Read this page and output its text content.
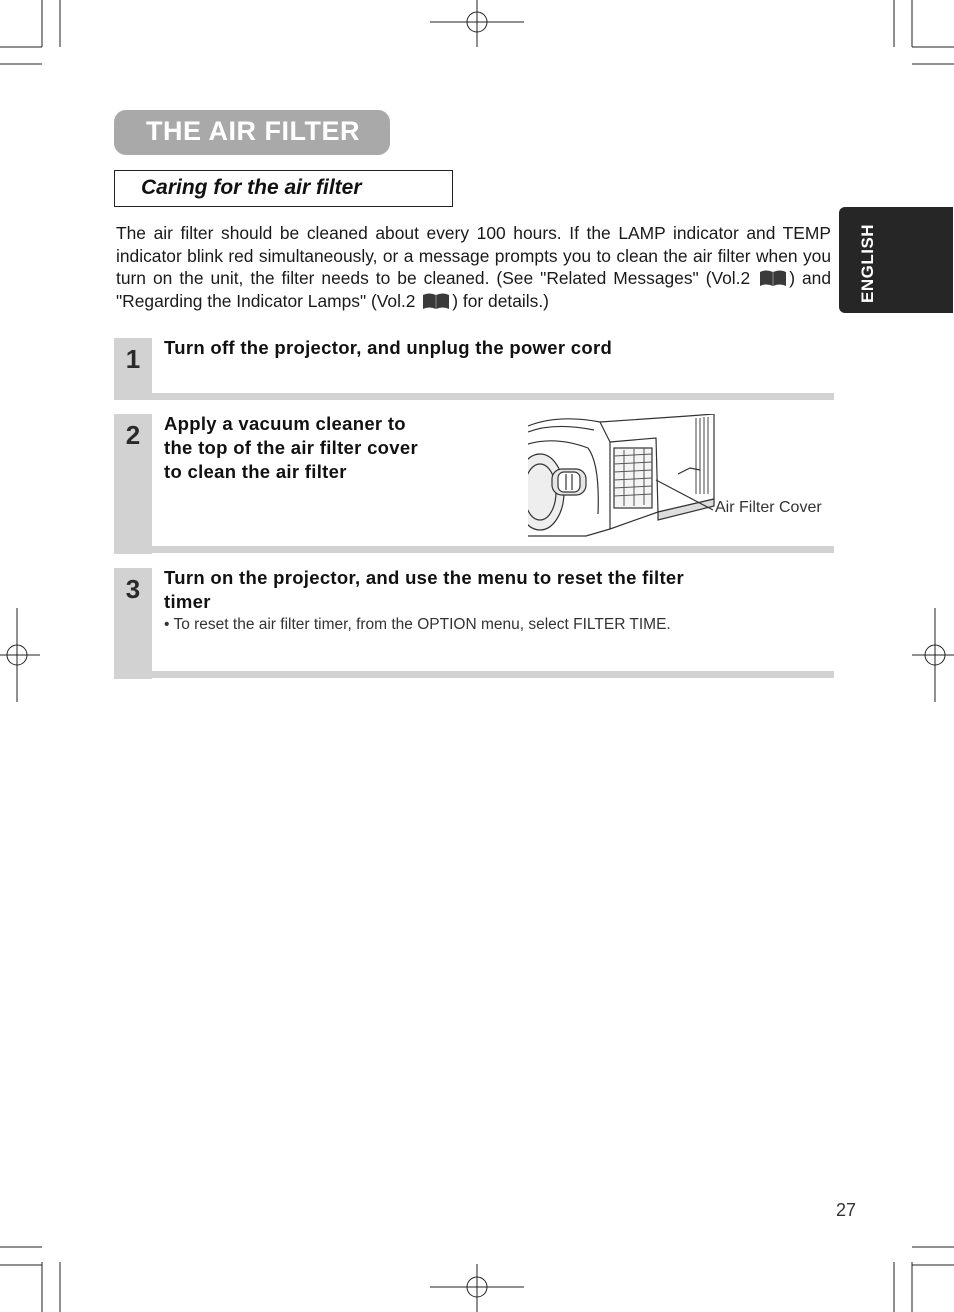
THE AIR FILTER
Caring for the air filter
The air filter should be cleaned about every 100 hours. If the LAMP indicator and TEMP indicator blink red simultaneously, or a message prompts you to clean the air filter when you turn on the unit, the filter needs to be cleaned. (See "Related Messages" (Vol.2 ) and "Regarding the Indicator Lamps" (Vol.2 ) for details.)	ENGLISH
1	Turn off the projector, and unplug the power cord
2	Apply a vacuum cleaner to
the top of the air filter cover
to clean the air filter
Air Filter Cover
3	Turn on the projector, and use the menu to reset the filter
timer
• To reset the air filter timer, from the OPTION menu, select FILTER TIME.
27
